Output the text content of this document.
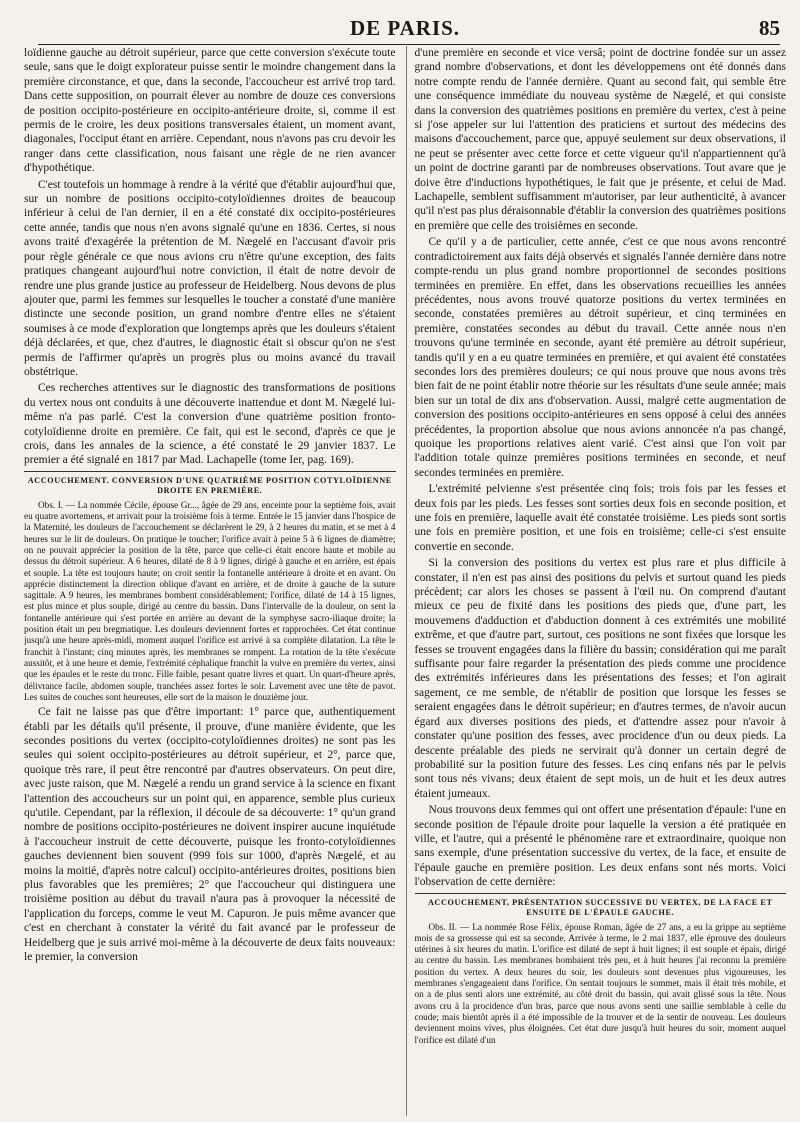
DE PARIS.	85

loïdienne gauche au détroit supérieur, parce que cette conversion s'exécute toute seule, sans que le doigt explorateur puisse sentir le moindre changement dans la première circonstance, et que, dans la seconde, l'accoucheur est arrivé trop tard. Dans cette supposition, on pourrait élever au nombre de douze ces conversions de position occipito-postérieure en occipito-antérieure droite, si, comme il est permis de le croire, les deux positions transversales étaient, un moment avant, diagonales, l'occiput étant en arrière. Cependant, nous n'avons pas cru devoir les ranger dans cette classification, nous faisant une règle de ne rien avancer d'hypothétique.

C'est toutefois un hommage à rendre à la vérité que d'établir aujourd'hui que, sur un nombre de positions occipito-cotyloïdiennes droites de beaucoup inférieur à celui de l'an dernier, il en a été constaté dix occipito-postérieures cette année, tandis que nous n'en avons signalé qu'une en 1836. Certes, si nous avons traité d'exagérée la prétention de M. Nægelé en l'accusant d'avoir pris pour règle générale ce que nous avions cru n'être qu'une exception, des faits pratiques changeant aujourd'hui notre conviction, il était de notre devoir de rendre une plus grande justice au professeur de Heidelberg. Nous devons de plus ajouter que, parmi les femmes sur lesquelles le toucher a constaté d'une manière distincte une seconde position, un grand nombre d'entre elles ne s'étaient soumises à ce mode d'exploration que longtemps après que les douleurs s'étaient déjà déclarées, et que, chez d'autres, le diagnostic était si obscur qu'on ne s'est permis de l'affirmer qu'après un progrès plus ou moins avancé du travail obstétrique.

Ces recherches attentives sur le diagnostic des transformations de positions du vertex nous ont conduits à une découverte inattendue et dont M. Nægelé lui-même n'a pas parlé. C'est la conversion d'une quatrième position fronto-cotyloïdienne droite en première. Ce fait, qui est le second, d'après ce que je crois, dans les annales de la science, a été constaté le 29 janvier 1837. Le premier a été signalé en 1817 par Mad. Lachapelle (tome Ier, pag. 169).

ACCOUCHEMENT. CONVERSION D'UNE QUATRIÈME POSITION COTYLOÏDIENNE DROITE EN PREMIÈRE.

Obs. I. — La nommée Cécile, épouse Gr..., âgée de 29 ans, enceinte pour la septième fois, avait eu quatre avortemens, et arrivait pour la troisième fois à terme. Entrée le 15 janvier dans l'hospice de la Maternité, les douleurs de l'accouchement se déclarèrent le 29, à 2 heures du matin, et se met à 4 heures sur le lit de douleurs. On pratique le toucher; l'orifice avait à peine 5 à 6 lignes de diamètre; on ne pouvait apprécier la position de la tête, parce que celle-ci était encore haute et mobile au dessus du détroit supérieur. A 6 heures, dilaté de 8 à 9 lignes, dirigé à gauche et en arrière, est épais et souple. La tête est toujours haute; on croit sentir la fontanelle antérieure à droite et en avant. On apprécie distinctement la direction oblique d'avant en arrière, et de droite à gauche de la suture sagittale. A 9 heures, les membranes bombent considérablement; l'orifice, dilaté de 14 à 15 lignes, est plus mince et plus souple, dirigé au centre du bassin. Dans l'intervalle de la douleur, on sent la fontanelle antérieure qui s'est portée en arrière au devant de la symphyse sacro-iliaque droite; la position était un peu bregmatique. Les douleurs deviennent fortes et rapprochées. Cet état continue jusqu'à une heure après-midi, moment auquel l'orifice est arrivé à sa complète dilatation. La tête le franchit à l'instant; cinq minutes après, les membranes se rompent. La rotation de la tête s'exécute aussitôt, et à une heure et demie, l'extrémité céphalique franchit la vulve en première du vertex, ainsi que les épaules et le reste du tronc. Fille faible, pesant quatre livres et quart. Un quart-d'heure après, délivrance facile, abdomen souple, tranchées assez fortes le soir. Lavement avec une tête de pavot. Les suites de couches sont heureuses, elle sort de la maison le douzième jour.

Ce fait ne laisse pas que d'être important: 1° parce que, authentiquement établi par les détails qu'il présente, il prouve, d'une manière évidente, que les secondes positions du vertex (occipito-cotyloïdiennes droites) ne sont pas les seules qui soient occipito-postérieures au détroit supérieur, et 2°, parce que, quoique très rare, il peut être rencontré par d'autres observateurs. On peut dire, avec juste raison, que M. Nægelé a rendu un grand service à la science en fixant l'attention des accoucheurs sur un point qui, en apparence, semble plus curieux qu'utile. Cependant, par la réflexion, il découle de sa découverte: 1° qu'un grand nombre de positions occipito-postérieures ne doivent inspirer aucune inquiétude à l'accoucheur instruit de cette découverte, puisque les fronto-cotyloïdiennes gauches deviennent bien souvent (999 fois sur 1000, d'après Nægelé, et au moins la moitié, d'après notre calcul) occipito-antérieures droites, positions bien plus favorables que les premières; 2° que l'accoucheur qui distinguera une troisième position au début du travail n'aura pas à provoquer la nécessité de l'application du forceps, comme le veut M. Capuron. Je puis même avancer que c'est en cherchant à constater la vérité du fait avancé par le professeur de Heidelberg que je suis arrivé moi-même à la découverte de deux faits nouveaux: le premier, la conversion

d'une première en seconde et vice versâ; point de doctrine fondée sur un assez grand nombre d'observations, et dont les développemens ont été donnés dans notre compte rendu de l'année dernière. Quant au second fait, qui semble être une conséquence immédiate du nouveau système de Nægelé, et qui consiste dans la conversion des quatrièmes positions en première du vertex, c'est à peine si j'ose appeler sur lui l'attention des praticiens et surtout des médecins des maisons d'accouchement, parce que, appuyé seulement sur deux observations, il ne peut se présenter avec cette force et cette vigueur qu'il n'appartiennent qu'à un point de doctrine garanti par de nombreuses observations. Tout avare que je doive être d'inductions hypothétiques, le fait que je présente, et celui de Mad. Lachapelle, semblent suffisamment m'autoriser, par leur authenticité, à avancer qu'il n'est pas plus déraisonnable d'établir la conversion des quatrièmes positions en première que celle des troisièmes en seconde.

Ce qu'il y a de particulier, cette année, c'est ce que nous avons rencontré contradictoirement aux faits déjà observés et signalés l'année dernière dans notre compte-rendu un plus grand nombre proportionnel de secondes positions terminées en première. En effet, dans les observations recueillies les années précédentes, nous avons trouvé quatorze positions du vertex terminées en seconde, constatées premières au détroit supérieur, et cinq terminées en première, constatées secondes au début du travail. Cette année nous n'en trouvons qu'une terminée en seconde, ayant été première au détroit supérieur, tandis qu'il y en a eu quatre terminées en première, et qui avaient été constatées secondes lors des premières douleurs; ce qui nous prouve que nous avons très bien fait de ne point établir notre théorie sur les résultats d'une seule année; mais bien sur un total de dix ans d'observation. Aussi, malgré cette augmentation de conversion des positions occipito-antérieures en sens opposé à celui des années précédentes, la proportion absolue que nous avions annoncée n'a pas changé, quoique les proportions relatives aient varié. C'est ainsi que l'on voit par l'addition totale quinze premières positions terminées en seconde, et neuf secondes terminées en première.

L'extrémité pelvienne s'est présentée cinq fois; trois fois par les fesses et deux fois par les pieds. Les fesses sont sorties deux fois en seconde position, et une fois en première, laquelle avait été constatée troisième. Les pieds sont sortis une fois en première position, et une fois en troisième; celle-ci s'est ensuite convertie en seconde.

Si la conversion des positions du vertex est plus rare et plus difficile à constater, il n'en est pas ainsi des positions du pelvis et surtout quand les pieds précèdent; car alors les choses se passent à l'œil nu. On comprend d'autant mieux ce peu de fixité dans les positions des pieds que, d'une part, les mouvemens d'adduction et d'abduction donnent à ces extrémités une mobilité extrême, et que d'autre part, surtout, ces positions ne sont fixées que lorsque les fesses se trouvent engagées dans la filière du bassin; considération qui me paraît suffisante pour faire regarder la présentation des pieds comme une procidence des extrémités inférieures dans les présentations des fesses; et l'on agirait sagement, ce me semble, de n'établir de position que lorsque les fesses se seraient engagées dans le détroit supérieur; en d'autres termes, de n'avoir aucun égard aux diverses positions des pieds, et d'attendre assez pour n'avoir à constater qu'une position des fesses, avec procidence d'un ou deux pieds. La descente préalable des pieds ne servirait qu'à donner un certain degré de probabilité sur la position future des fesses. Les cinq enfans nés par le pelvis sont tous nés vivans; deux étaient de sept mois, un de huit et les deux autres étaient jumeaux.

Nous trouvons deux femmes qui ont offert une présentation d'épaule: l'une en seconde position de l'épaule droite pour laquelle la version a été pratiquée en ville, et l'autre, qui a présenté le phénomène rare et extraordinaire, quoique non sans exemple, d'une présentation successive du vertex, de la face, et ensuite de l'épaule gauche en première position. Les deux enfans sont nés morts. Voici l'observation de cette dernière:

ACCOUCHEMENT, PRÉSENTATION SUCCESSIVE DU VERTEX, DE LA FACE ET ENSUITE DE L'ÉPAULE GAUCHE.

Obs. II. — La nommée Rose Félix, épouse Roman, âgée de 27 ans, a eu la grippe au septième mois de sa grossesse qui est sa seconde. Arrivée à terme, le 2 mai 1837, elle éprouve des douleurs utérines à six heures du matin. L'orifice est dilaté de sept à huit lignes; il est souple et épais, dirigé au centre du bassin. Les membranes bombaient très peu, et à huit heures j'ai reconnu la première position du vertex. A deux heures du soir, les douleurs sont devenues plus vigoureuses, les membranes s'engageaient dans l'orifice. On sentait toujours le sommet, mais il était très mobile, et on a de plus senti alors une extrémité, au côté droit du bassin, qui avait glissé sous la tête. Nous avons cru à la procidence d'un bras, parce que nous avons senti une saillie semblable à celle du coude; mais bientôt après il a été impossible de la trouver et de la sentir de nouveau. Les douleurs deviennent moins vives, plus éloignées. Cet état dure jusqu'à huit heures du soir, moment auquel l'orifice est dilaté d'un
